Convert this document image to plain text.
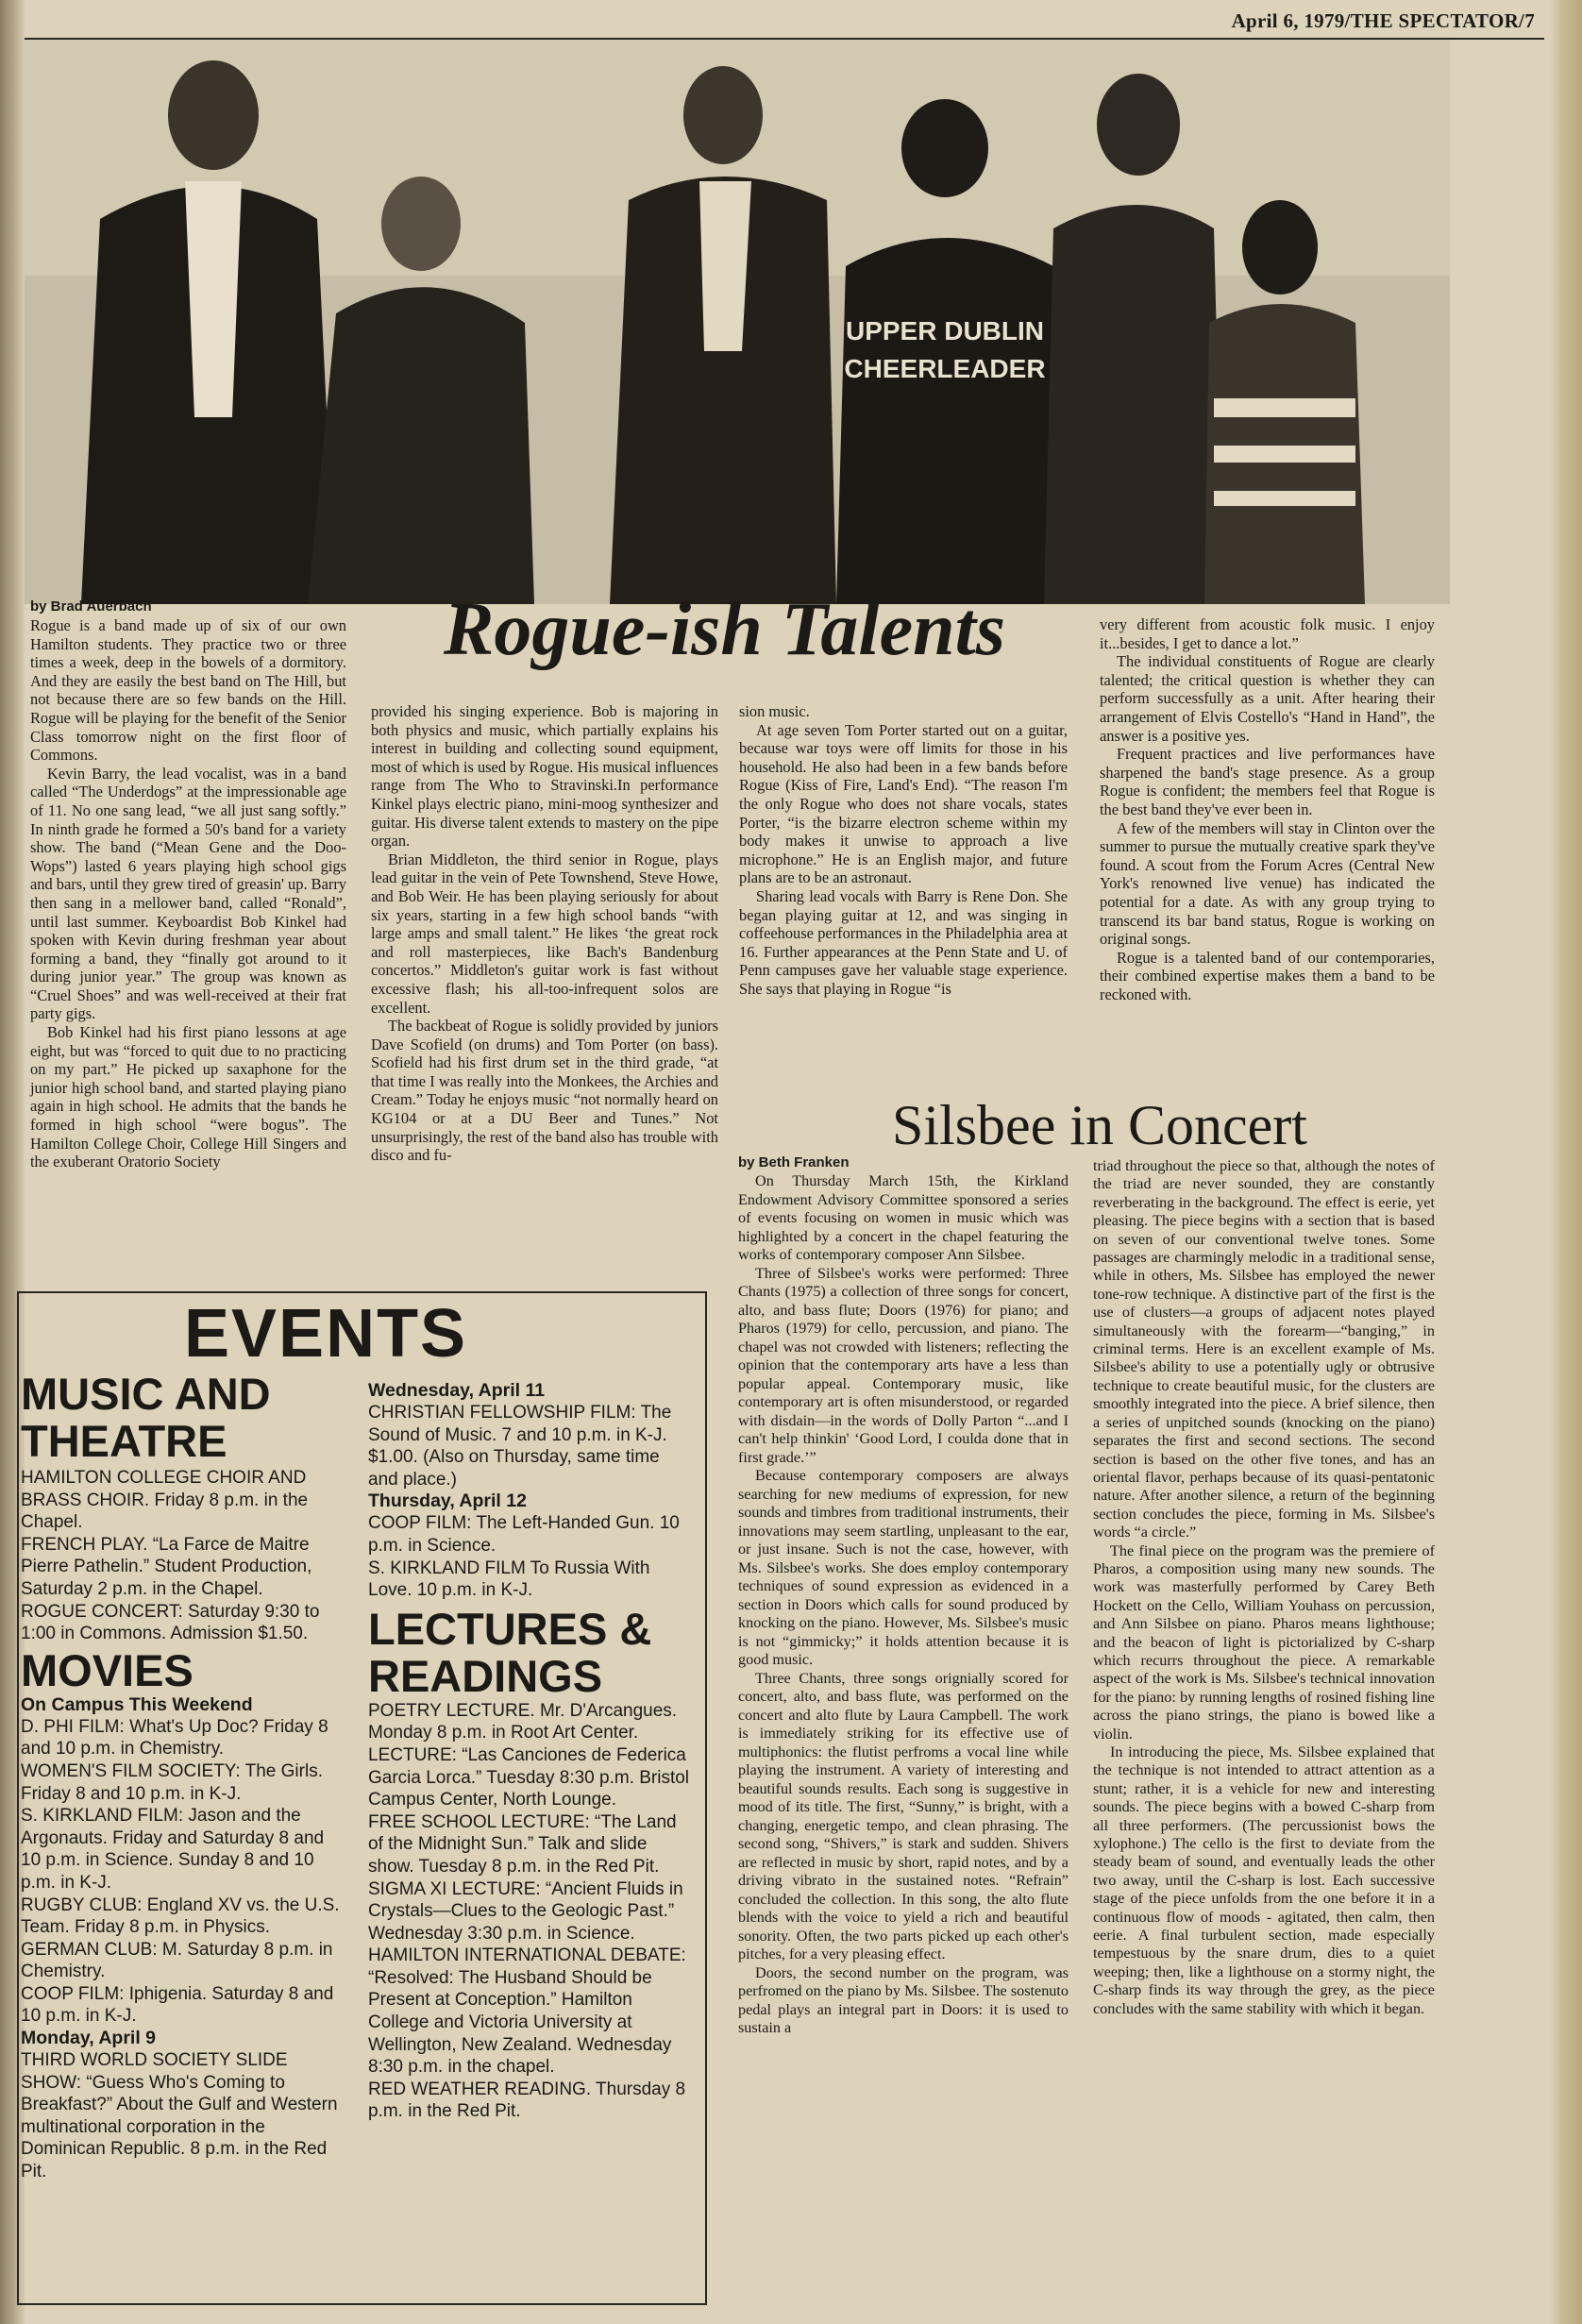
April 6, 1979/THE SPECTATOR/7
UPPER DUBLIN
CHEERLEADER
Rogue-ish Talents
by Brad Auerbach

Rogue is a band made up of six of our own Hamilton students. They practice two or three times a week, deep in the bowels of a dormitory. And they are easily the best band on The Hill, but not because there are so few bands on the Hill. Rogue will be playing for the benefit of the Senior Class tomorrow night on the first floor of Commons.

Kevin Barry, the lead vocalist, was in a band called “The Underdogs” at the impressionable age of 11. No one sang lead, “we all just sang softly.” In ninth grade he formed a 50's band for a variety show. The band (“Mean Gene and the Doo-Wops”) lasted 6 years playing high school gigs and bars, until they grew tired of greasin' up. Barry then sang in a mellower band, called “Ronald”, until last summer. Keyboardist Bob Kinkel had spoken with Kevin during freshman year about forming a band, they “finally got around to it during junior year.” The group was known as “Cruel Shoes” and was well-received at their frat party gigs.

Bob Kinkel had his first piano lessons at age eight, but was “forced to quit due to no practicing on my part.” He picked up saxaphone for the junior high school band, and started playing piano again in high school. He admits that the bands he formed in high school “were bogus”. The Hamilton College Choir, College Hill Singers and the exuberant Oratorio Society

provided his singing experience. Bob is majoring in both physics and music, which partially explains his interest in building and collecting sound equipment, most of which is used by Rogue. His musical influences range from The Who to Stravinski.In performance Kinkel plays electric piano, mini-moog synthesizer and guitar. His diverse talent extends to mastery on the pipe organ.

Brian Middleton, the third senior in Rogue, plays lead guitar in the vein of Pete Townshend, Steve Howe, and Bob Weir. He has been playing seriously for about six years, starting in a few high school bands “with large amps and small talent.” He likes ‘the great rock and roll masterpieces, like Bach's Bandenburg concertos.” Middleton's guitar work is fast without excessive flash; his all-too-infrequent solos are excellent.

The backbeat of Rogue is solidly provided by juniors Dave Scofield (on drums) and Tom Porter (on bass). Scofield had his first drum set in the third grade, “at that time I was really into the Monkees, the Archies and Cream.” Today he enjoys music “not normally heard on KG104 or at a DU Beer and Tunes.” Not unsurprisingly, the rest of the band also has trouble with disco and fu-

sion music.

At age seven Tom Porter started out on a guitar, because war toys were off limits for those in his household. He also had been in a few bands before Rogue (Kiss of Fire, Land's End). “The reason I'm the only Rogue who does not share vocals, states Porter, “is the bizarre electron scheme within my body makes it unwise to approach a live microphone.” He is an English major, and future plans are to be an astronaut.

Sharing lead vocals with Barry is Rene Don. She began playing guitar at 12, and was singing in coffeehouse performances in the Philadelphia area at 16. Further appearances at the Penn State and U. of Penn campuses gave her valuable stage experience. She says that playing in Rogue “is

very different from acoustic folk music. I enjoy it...besides, I get to dance a lot.”

The individual constituents of Rogue are clearly talented; the critical question is whether they can perform successfully as a unit. After hearing their arrangement of Elvis Costello's “Hand in Hand”, the answer is a positive yes.

Frequent practices and live performances have sharpened the band's stage presence. As a group Rogue is confident; the members feel that Rogue is the best band they've ever been in.

A few of the members will stay in Clinton over the summer to pursue the mutually creative spark they've found. A scout from the Forum Acres (Central New York's renowned live venue) has indicated the potential for a date. As with any group trying to transcend its bar band status, Rogue is working on original songs.

Rogue is a talented band of our contemporaries, their combined expertise makes them a band to be reckoned with.

Silsbee in Concert
by Beth Franken

On Thursday March 15th, the Kirkland Endowment Advisory Committee sponsored a series of events focusing on women in music which was highlighted by a concert in the chapel featuring the works of contemporary composer Ann Silsbee.

Three of Silsbee's works were performed: Three Chants (1975) a collection of three songs for concert, alto, and bass flute; Doors (1976) for piano; and Pharos (1979) for cello, percussion, and piano. The chapel was not crowded with listeners; reflecting the opinion that the contemporary arts have a less than popular appeal. Contemporary music, like contemporary art is often misunderstood, or regarded with disdain—in the words of Dolly Parton “...and I can't help thinkin' ‘Good Lord, I coulda done that in first grade.’”

Because contemporary composers are always searching for new mediums of expression, for new sounds and timbres from traditional instruments, their innovations may seem startling, unpleasant to the ear, or just insane. Such is not the case, however, with Ms. Silsbee's works. She does employ contemporary techniques of sound expression as evidenced in a section in Doors which calls for sound produced by knocking on the piano. However, Ms. Silsbee's music is not “gimmicky;” it holds attention because it is good music.

Three Chants, three songs orignially scored for concert, alto, and bass flute, was performed on the concert and alto flute by Laura Campbell. The work is immediately striking for its effective use of multiphonics: the flutist perfroms a vocal line while playing the instrument. A variety of interesting and beautiful sounds results. Each song is suggestive in mood of its title. The first, “Sunny,” is bright, with a changing, energetic tempo, and clean phrasing. The second song, “Shivers,” is stark and sudden. Shivers are reflected in music by short, rapid notes, and by a driving vibrato in the sustained notes. “Refrain” concluded the collection. In this song, the alto flute blends with the voice to yield a rich and beautiful sonority. Often, the two parts picked up each other's pitches, for a very pleasing effect.

Doors, the second number on the program, was perfromed on the piano by Ms. Silsbee. The sostenuto pedal plays an integral part in Doors: it is used to sustain a

triad throughout the piece so that, although the notes of the triad are never sounded, they are constantly reverberating in the background. The effect is eerie, yet pleasing. The piece begins with a section that is based on seven of our conventional twelve tones. Some passages are charmingly melodic in a traditional sense, while in others, Ms. Silsbee has employed the newer tone-row technique. A distinctive part of the first is the use of clusters—a groups of adjacent notes played simultaneously with the forearm—“banging,” in criminal terms. Here is an excellent example of Ms. Silsbee's ability to use a potentially ugly or obtrusive technique to create beautiful music, for the clusters are smoothly integrated into the piece. A brief silence, then a series of unpitched sounds (knocking on the piano) separates the first and second sections. The second section is based on the other five tones, and has an oriental flavor, perhaps because of its quasi-pentatonic nature. After another silence, a return of the beginning section concludes the piece, forming in Ms. Silsbee's words “a circle.”

The final piece on the program was the premiere of Pharos, a composition using many new sounds. The work was masterfully performed by Carey Beth Hockett on the Cello, William Youhass on percussion, and Ann Silsbee on piano. Pharos means lighthouse; and the beacon of light is pictorialized by C-sharp which recurrs throughout the piece. A remarkable aspect of the work is Ms. Silsbee's technical innovation for the piano: by running lengths of rosined fishing line across the piano strings, the piano is bowed like a violin.

In introducing the piece, Ms. Silsbee explained that the technique is not intended to attract attention as a stunt; rather, it is a vehicle for new and interesting sounds. The piece begins with a bowed C-sharp from all three performers. (The percussionist bows the xylophone.) The cello is the first to deviate from the steady beam of sound, and eventually leads the other two away, until the C-sharp is lost. Each successive stage of the piece unfolds from the one before it in a continuous flow of moods - agitated, then calm, then eerie. A final turbulent section, made especially tempestuous by the snare drum, dies to a quiet weeping; then, like a lighthouse on a stormy night, the C-sharp finds its way through the grey, as the piece concludes with the same stability with which it began.

EVENTS
MUSIC AND
THEATRE

HAMILTON COLLEGE CHOIR AND BRASS CHOIR. Friday 8 p.m. in the Chapel.

FRENCH PLAY. “La Farce de Maitre Pierre Pathelin.” Student Production, Saturday 2 p.m. in the Chapel.

ROGUE CONCERT: Saturday 9:30 to 1:00 in Commons. Admission $1.50.

MOVIES
On Campus This Weekend

D. PHI FILM: What's Up Doc? Friday 8 and 10 p.m. in Chemistry.

WOMEN'S FILM SOCIETY: The Girls. Friday 8 and 10 p.m. in K-J.

S. KIRKLAND FILM: Jason and the Argonauts. Friday and Saturday 8 and 10 p.m. in Science. Sunday 8 and 10 p.m. in K-J.

RUGBY CLUB: England XV vs. the U.S. Team. Friday 8 p.m. in Physics.

GERMAN CLUB: M. Saturday 8 p.m. in Chemistry.

COOP FILM: Iphigenia. Saturday 8 and 10 p.m. in K-J.

Monday, April 9

THIRD WORLD SOCIETY SLIDE SHOW: “Guess Who's Coming to Breakfast?” About the Gulf and Western multinational corporation in the Dominican Republic. 8 p.m. in the Red Pit.

Wednesday, April 11

CHRISTIAN FELLOWSHIP FILM: The Sound of Music. 7 and 10 p.m. in K-J. $1.00. (Also on Thursday, same time and place.)

Thursday, April 12

COOP FILM: The Left-Handed Gun. 10 p.m. in Science.

S. KIRKLAND FILM To Russia With Love. 10 p.m. in K-J.

LECTURES &
READINGS

POETRY LECTURE. Mr. D'Arcangues. Monday 8 p.m. in Root Art Center.

LECTURE: “Las Canciones de Federica Garcia Lorca.” Tuesday 8:30 p.m. Bristol Campus Center, North Lounge.

FREE SCHOOL LECTURE: “The Land of the Midnight Sun.” Talk and slide show. Tuesday 8 p.m. in the Red Pit.

SIGMA XI LECTURE: “Ancient Fluids in Crystals—Clues to the Geologic Past.” Wednesday 3:30 p.m. in Science.

HAMILTON INTERNATIONAL DEBATE: “Resolved: The Husband Should be Present at Conception.” Hamilton College and Victoria University at Wellington, New Zealand. Wednesday 8:30 p.m. in the chapel.

RED WEATHER READING. Thursday 8 p.m. in the Red Pit.
